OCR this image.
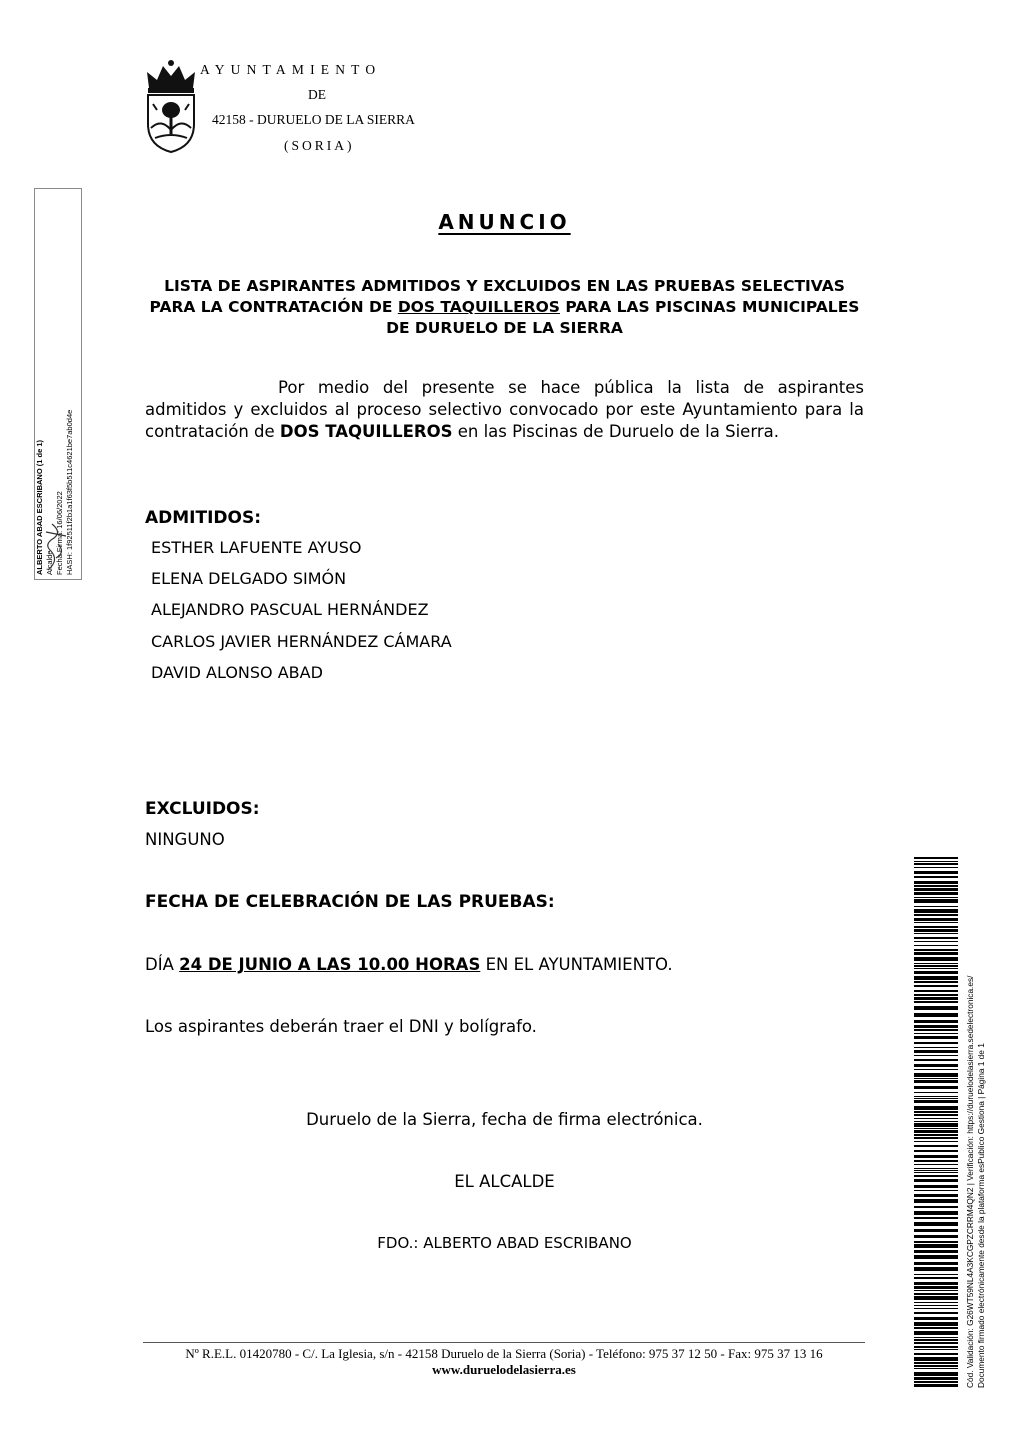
AYUNTAMIENTO
DE
42158 - DURUELO DE LA SIERRA
(SORIA)
ALBERTO ABAD ESCRIBANO (1 de 1) Alcalde Fecha Firma: 16/06/2022 HASH: 1f92511f2b1a1f63f5b511c4621be7ab0d4e
ANUNCIO
LISTA DE ASPIRANTES ADMITIDOS Y EXCLUIDOS EN LAS PRUEBAS SELECTIVAS PARA LA CONTRATACIÓN DE DOS TAQUILLEROS PARA LAS PISCINAS MUNICIPALES DE DURUELO DE LA SIERRA
Por medio del presente se hace pública la lista de aspirantes admitidos y excluidos al proceso selectivo convocado por este Ayuntamiento para la contratación de DOS TAQUILLEROS en las Piscinas de Duruelo de la Sierra.
ADMITIDOS:
ESTHER LAFUENTE AYUSO
ELENA DELGADO SIMÓN
ALEJANDRO PASCUAL HERNÁNDEZ
CARLOS JAVIER HERNÁNDEZ CÁMARA
DAVID ALONSO ABAD
EXCLUIDOS:
NINGUNO
FECHA DE CELEBRACIÓN DE LAS PRUEBAS:
DÍA 24 DE JUNIO A LAS 10.00 HORAS EN EL AYUNTAMIENTO.
Los aspirantes deberán traer el DNI y bolígrafo.
Duruelo de la Sierra, fecha de firma electrónica.
EL ALCALDE
FDO.: ALBERTO ABAD ESCRIBANO
Nº R.E.L. 01420780 - C/. La Iglesia, s/n - 42158 Duruelo de la Sierra (Soria) - Teléfono: 975 37 12 50 - Fax: 975 37 13 16
www.duruelodelasierra.es	Cód. Validación: G26WT59NL4A3KCGPZCRRM4QN2 | Verificación: https://duruelodelasierra.sedelectronica.es/ Documento firmado electrónicamente desde la plataforma esPublico Gestiona | Página 1 de 1
